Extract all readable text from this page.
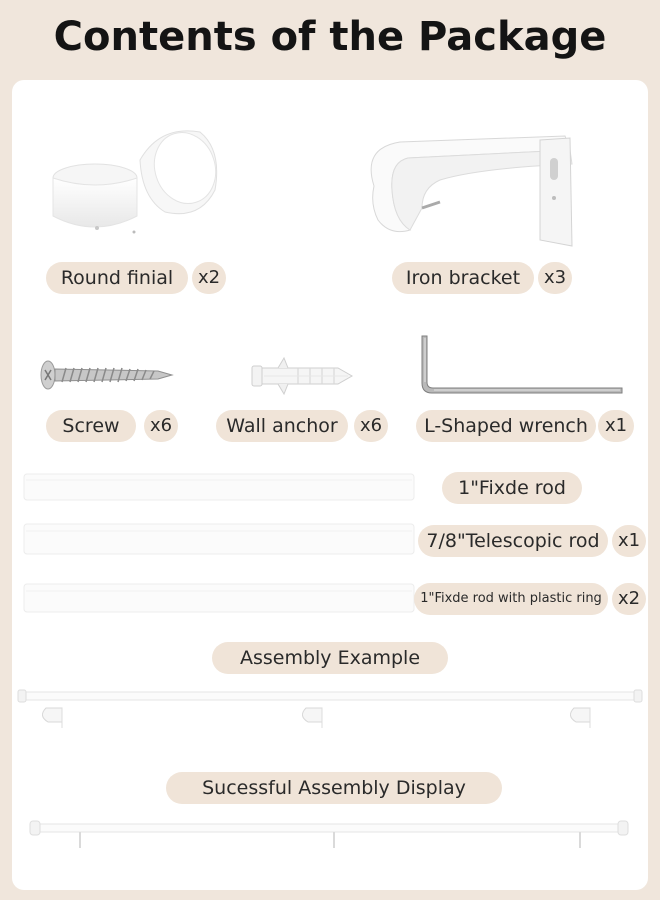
Contents of the Package
Round finial	x2	Iron bracket	x3
Screw	x6	Wall anchor	x6	L-Shaped wrench x1
1"Fixde rod
7/8"Telescopic rod	x1
1"Fixde rod with plastic ring x2
Assembly Example
Sucessful Assembly Display
